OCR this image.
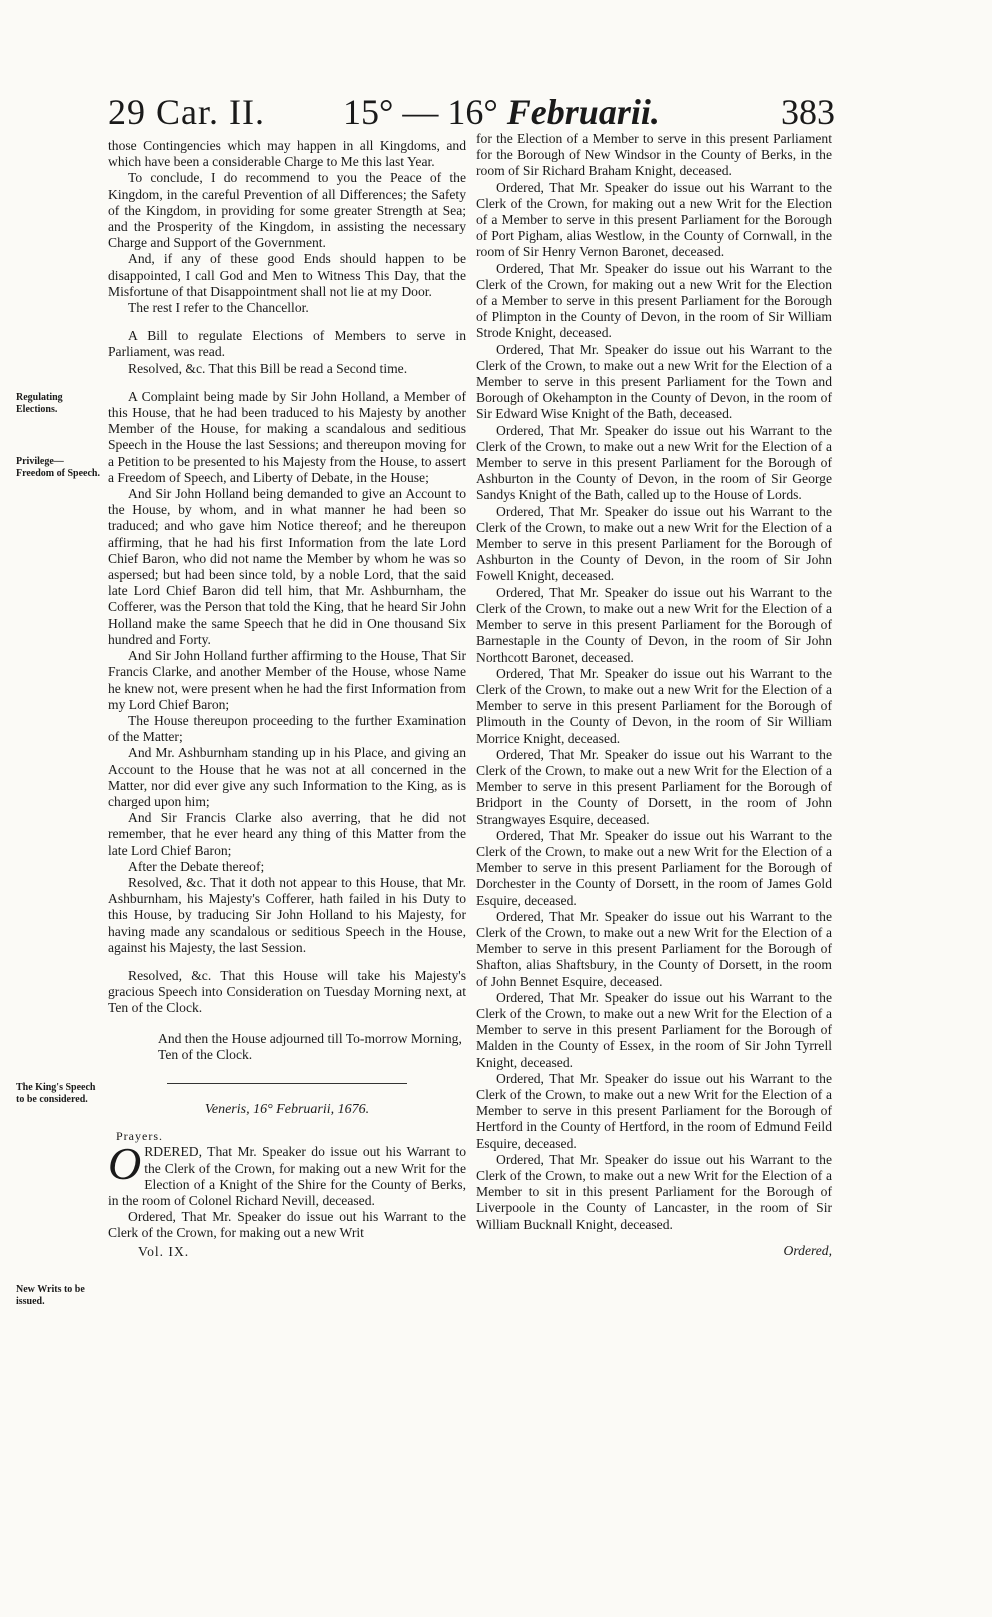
29 Car. II. 15° — 16° Februarii.	383
Regulating Elections.
Privilege— Freedom of Speech.
The King's Speech to be considered.
New Writs to be issued.

those Contingencies which may happen in all Kingdoms, and which have been a considerable Charge to Me this last Year.

To conclude, I do recommend to you the Peace of the Kingdom, in the careful Prevention of all Differences; the Safety of the Kingdom, in providing for some greater Strength at Sea; and the Prosperity of the Kingdom, in assisting the necessary Charge and Support of the Government.

And, if any of these good Ends should happen to be disappointed, I call God and Men to Witness This Day, that the Misfortune of that Disappointment shall not lie at my Door.

The rest I refer to the Chancellor.

A Bill to regulate Elections of Members to serve in Parliament, was read.

Resolved, &c. That this Bill be read a Second time.

A Complaint being made by Sir John Holland, a Member of this House, that he had been traduced to his Majesty by another Member of the House, for making a scandalous and seditious Speech in the House the last Sessions; and thereupon moving for a Petition to be presented to his Majesty from the House, to assert a Freedom of Speech, and Liberty of Debate, in the House;

And Sir John Holland being demanded to give an Account to the House, by whom, and in what manner he had been so traduced; and who gave him Notice thereof; and he thereupon affirming, that he had his first Information from the late Lord Chief Baron, who did not name the Member by whom he was so aspersed; but had been since told, by a noble Lord, that the said late Lord Chief Baron did tell him, that Mr. Ashburnham, the Cofferer, was the Person that told the King, that he heard Sir John Holland make the same Speech that he did in One thousand Six hundred and Forty.

And Sir John Holland further affirming to the House, That Sir Francis Clarke, and another Member of the House, whose Name he knew not, were present when he had the first Information from my Lord Chief Baron;

The House thereupon proceeding to the further Examination of the Matter;

And Mr. Ashburnham standing up in his Place, and giving an Account to the House that he was not at all concerned in the Matter, nor did ever give any such Information to the King, as is charged upon him;

And Sir Francis Clarke also averring, that he did not remember, that he ever heard any thing of this Matter from the late Lord Chief Baron;

After the Debate thereof;

Resolved, &c. That it doth not appear to this House, that Mr. Ashburnham, his Majesty's Cofferer, hath failed in his Duty to this House, by traducing Sir John Holland to his Majesty, for having made any scandalous or seditious Speech in the House, against his Majesty, the last Session.

Resolved, &c. That this House will take his Majesty's gracious Speech into Consideration on Tuesday Morning next, at Ten of the Clock.

And then the House adjourned till To-morrow Morning, Ten of the Clock.

Veneris, 16° Februarii, 1676.

Prayers.

ORDERED, That Mr. Speaker do issue out his Warrant to the Clerk of the Crown, for making out a new Writ for the Election of a Knight of the Shire for the County of Berks, in the room of Colonel Richard Nevill, deceased.

Ordered, That Mr. Speaker do issue out his Warrant to the Clerk of the Crown, for making out a new Writ

Vol. IX.

for the Election of a Member to serve in this present Parliament for the Borough of New Windsor in the County of Berks, in the room of Sir Richard Braham Knight, deceased.

Ordered, That Mr. Speaker do issue out his Warrant to the Clerk of the Crown, for making out a new Writ for the Election of a Member to serve in this present Parliament for the Borough of Port Pigham, alias Westlow, in the County of Cornwall, in the room of Sir Henry Vernon Baronet, deceased.

Ordered, That Mr. Speaker do issue out his Warrant to the Clerk of the Crown, for making out a new Writ for the Election of a Member to serve in this present Parliament for the Borough of Plimpton in the County of Devon, in the room of Sir William Strode Knight, deceased.

Ordered, That Mr. Speaker do issue out his Warrant to the Clerk of the Crown, to make out a new Writ for the Election of a Member to serve in this present Parliament for the Town and Borough of Okehampton in the County of Devon, in the room of Sir Edward Wise Knight of the Bath, deceased.

Ordered, That Mr. Speaker do issue out his Warrant to the Clerk of the Crown, to make out a new Writ for the Election of a Member to serve in this present Parliament for the Borough of Ashburton in the County of Devon, in the room of Sir George Sandys Knight of the Bath, called up to the House of Lords.

Ordered, That Mr. Speaker do issue out his Warrant to the Clerk of the Crown, to make out a new Writ for the Election of a Member to serve in this present Parliament for the Borough of Ashburton in the County of Devon, in the room of Sir John Fowell Knight, deceased.

Ordered, That Mr. Speaker do issue out his Warrant to the Clerk of the Crown, to make out a new Writ for the Election of a Member to serve in this present Parliament for the Borough of Barnestaple in the County of Devon, in the room of Sir John Northcott Baronet, deceased.

Ordered, That Mr. Speaker do issue out his Warrant to the Clerk of the Crown, to make out a new Writ for the Election of a Member to serve in this present Parliament for the Borough of Plimouth in the County of Devon, in the room of Sir William Morrice Knight, deceased.

Ordered, That Mr. Speaker do issue out his Warrant to the Clerk of the Crown, to make out a new Writ for the Election of a Member to serve in this present Parliament for the Borough of Bridport in the County of Dorsett, in the room of John Strangwayes Esquire, deceased.

Ordered, That Mr. Speaker do issue out his Warrant to the Clerk of the Crown, to make out a new Writ for the Election of a Member to serve in this present Parliament for the Borough of Dorchester in the County of Dorsett, in the room of James Gold Esquire, deceased.

Ordered, That Mr. Speaker do issue out his Warrant to the Clerk of the Crown, to make out a new Writ for the Election of a Member to serve in this present Parliament for the Borough of Shafton, alias Shaftsbury, in the County of Dorsett, in the room of John Bennet Esquire, deceased.

Ordered, That Mr. Speaker do issue out his Warrant to the Clerk of the Crown, to make out a new Writ for the Election of a Member to serve in this present Parliament for the Borough of Malden in the County of Essex, in the room of Sir John Tyrrell Knight, deceased.

Ordered, That Mr. Speaker do issue out his Warrant to the Clerk of the Crown, to make out a new Writ for the Election of a Member to serve in this present Parliament for the Borough of Hertford in the County of Hertford, in the room of Edmund Feild Esquire, deceased.

Ordered, That Mr. Speaker do issue out his Warrant to the Clerk of the Crown, to make out a new Writ for the Election of a Member to sit in this present Parliament for the Borough of Liverpoole in the County of Lancaster, in the room of Sir William Bucknall Knight, deceased.

Ordered,
